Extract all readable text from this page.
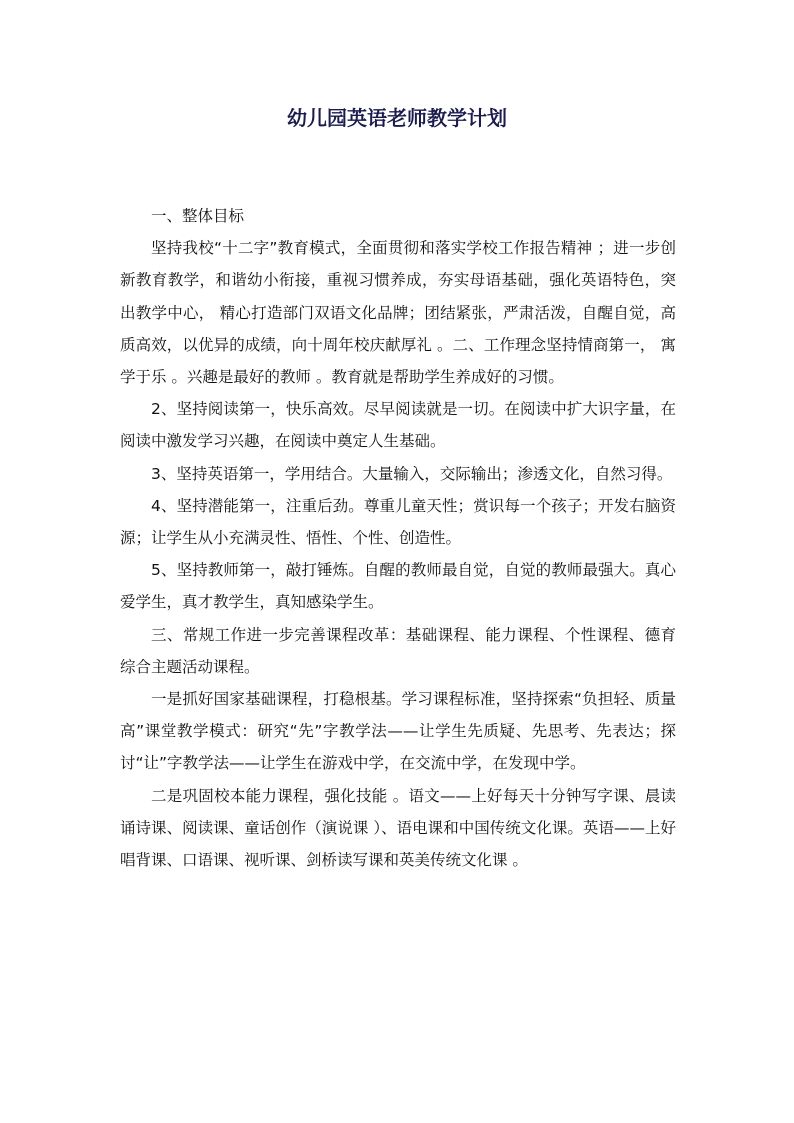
幼儿园英语老师教学计划

一、整体目标

坚持我校“十二字”教育模式，全面贯彻和落实学校工作报告精神 ；进一步创新教育教学，和谐幼小衔接，重视习惯养成，夯实母语基础，强化英语特色，突出教学中心， 精心打造部门双语文化品牌；团结紧张，严肃活泼，自醒自觉，高质高效，以优异的成绩，向十周年校庆献厚礼 。二、工作理念坚持情商第一， 寓学于乐 。兴趣是最好的教师 。教育就是帮助学生养成好的习惯。

2、坚持阅读第一，快乐高效。尽早阅读就是一切。在阅读中扩大识字量，在阅读中激发学习兴趣，在阅读中奠定人生基础。

3、坚持英语第一，学用结合。大量输入，交际输出；渗透文化，自然习得。

4、坚持潜能第一，注重后劲。尊重儿童天性；赏识每一个孩子；开发右脑资源；让学生从小充满灵性、悟性、个性、创造性。

5、坚持教师第一，敲打锤炼。自醒的教师最自觉，自觉的教师最强大。真心爱学生，真才教学生，真知感染学生。

三、常规工作进一步完善课程改革：基础课程、能力课程、个性课程、德育综合主题活动课程。

一是抓好国家基础课程，打稳根基。学习课程标准，坚持探索“负担轻、质量高”课堂教学模式：研究“先”字教学法——让学生先质疑、先思考、先表达；探讨“让”字教学法——让学生在游戏中学，在交流中学，在发现中学。

二是巩固校本能力课程，强化技能 。语文——上好每天十分钟写字课、晨读诵诗课、阅读课、童话创作（演说课 ）、语电课和中国传统文化课。英语——上好唱背课、口语课、视听课、剑桥读写课和英美传统文化课 。
